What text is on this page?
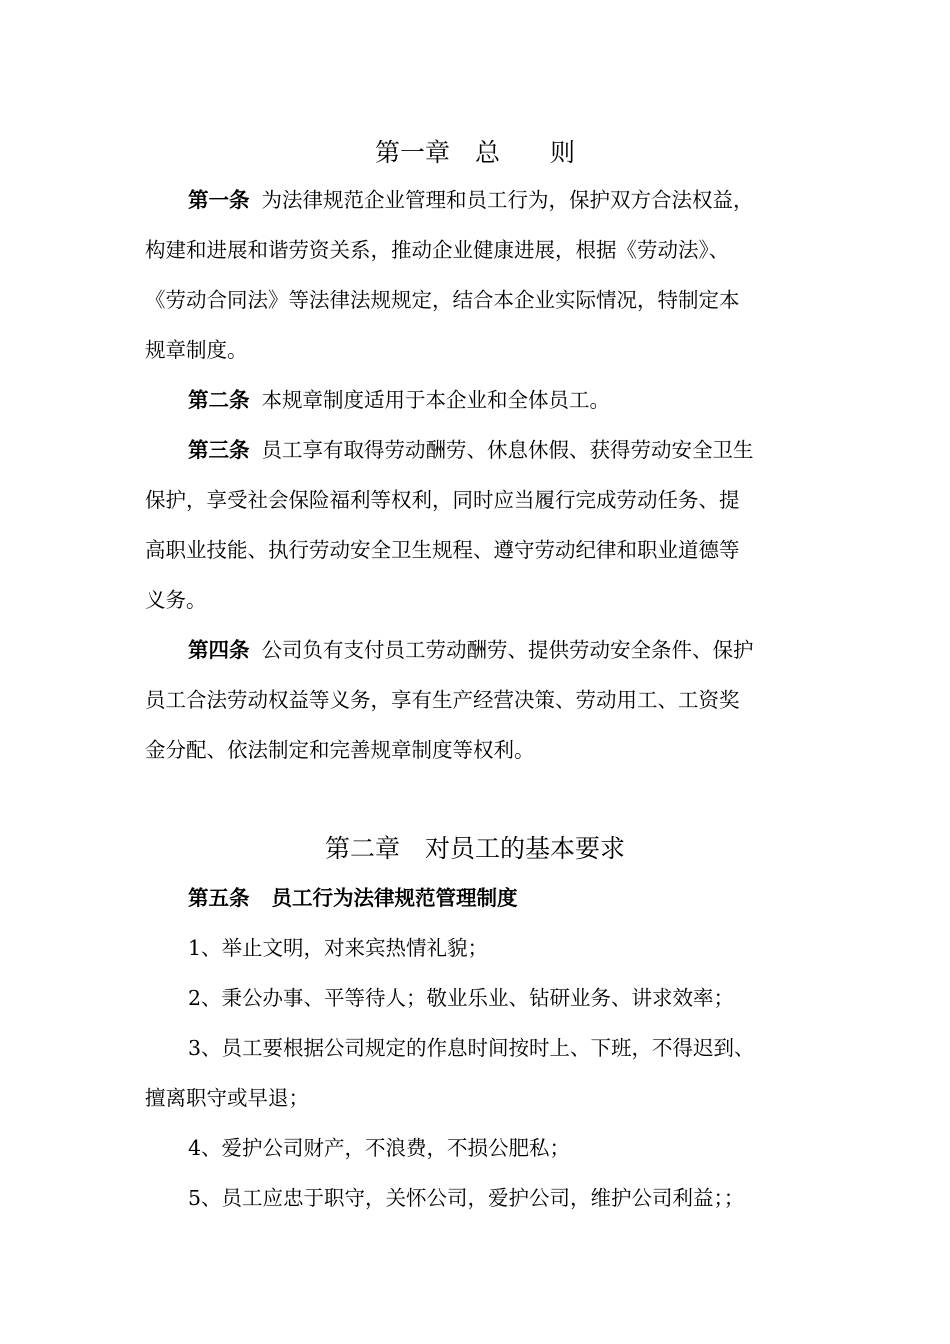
第一章　总　　则
第一条 为法律规范企业管理和员工行为，保护双方合法权益，
构建和进展和谐劳资关系，推动企业健康进展，根据《劳动法》、
《劳动合同法》等法律法规规定，结合本企业实际情况，特制定本
规章制度。
第二条 本规章制度适用于本企业和全体员工。
第三条 员工享有取得劳动酬劳、休息休假、获得劳动安全卫生
保护，享受社会保险福利等权利，同时应当履行完成劳动任务、提
高职业技能、执行劳动安全卫生规程、遵守劳动纪律和职业道德等
义务。
第四条 公司负有支付员工劳动酬劳、提供劳动安全条件、保护
员工合法劳动权益等义务，享有生产经营决策、劳动用工、工资奖
金分配、依法制定和完善规章制度等权利。
第二章　对员工的基本要求
第五条 员工行为法律规范管理制度
1、举止文明，对来宾热情礼貌；
2、秉公办事、平等待人；敬业乐业、钻研业务、讲求效率；
3、员工要根据公司规定的作息时间按时上、下班，不得迟到、
擅离职守或早退；
4、爱护公司财产，不浪费，不损公肥私；
5、员工应忠于职守，关怀公司，爱护公司，维护公司利益；；
